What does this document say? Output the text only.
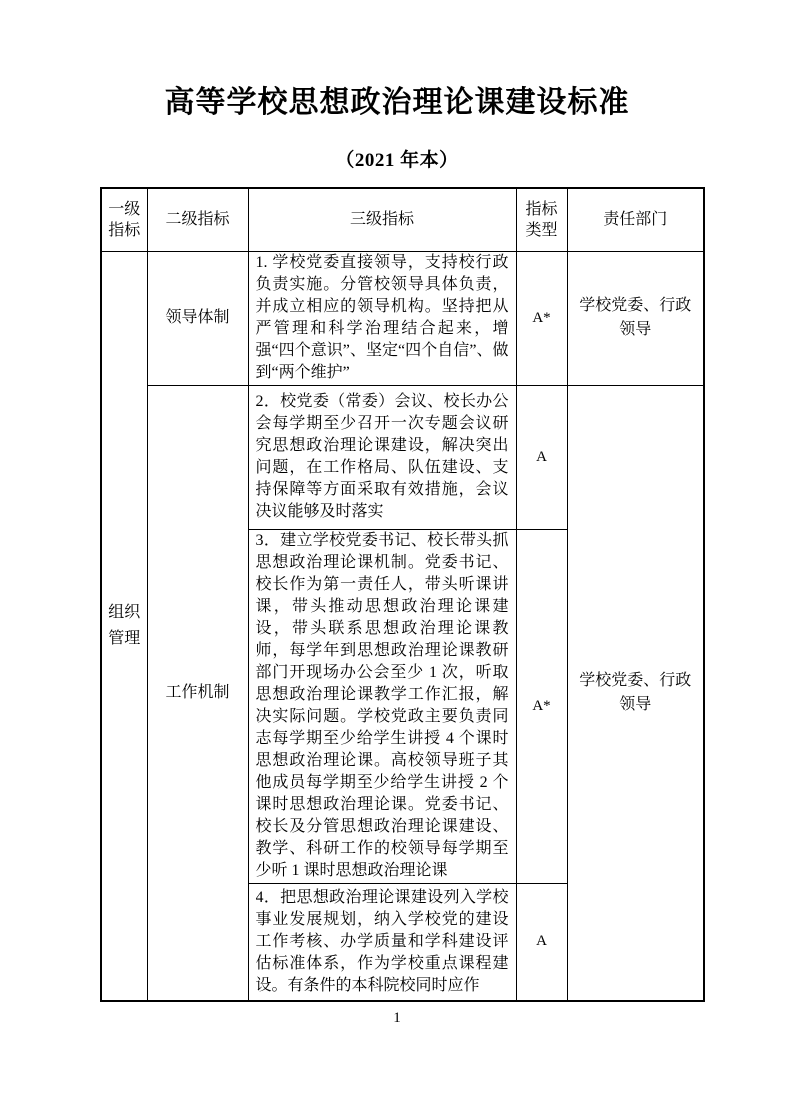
高等学校思想政治理论课建设标准
（2021 年本）
一级指标	二级指标	三级指标	指标类型	责任部门
组织管理	领导体制	1. 学校党委直接领导，支持校行政负责实施。分管校领导具体负责，并成立相应的领导机构。坚持把从严管理和科学治理结合起来，增强“四个意识”、坚定“四个自信”、做到“两个维护”	A*	学校党委、行政领导
	工作机制	2．校党委（常委）会议、校长办公会每学期至少召开一次专题会议研究思想政治理论课建设，解决突出问题，在工作格局、队伍建设、支持保障等方面采取有效措施，会议决议能够及时落实	A	学校党委、行政领导

		3．建立学校党委书记、校长带头抓思想政治理论课机制。党委书记、校长作为第一责任人，带头听课讲课，带头推动思想政治理论课建设，带头联系思想政治理论课教师，每学年到思想政治理论课教研部门开现场办公会至少 1 次，听取思想政治理论课教学工作汇报，解决实际问题。学校党政主要负责同志每学期至少给学生讲授 4 个课时思想政治理论课。高校领导班子其他成员每学期至少给学生讲授 2 个课时思想政治理论课。党委书记、校长及分管思想政治理论课建设、教学、科研工作的校领导每学期至少听 1 课时思想政治理论课	A*	

		4．把思想政治理论课建设列入学校事业发展规划，纳入学校党的建设工作考核、办学质量和学科建设评估标准体系，作为学校重点课程建设。有条件的本科院校同时应作	A	
1
